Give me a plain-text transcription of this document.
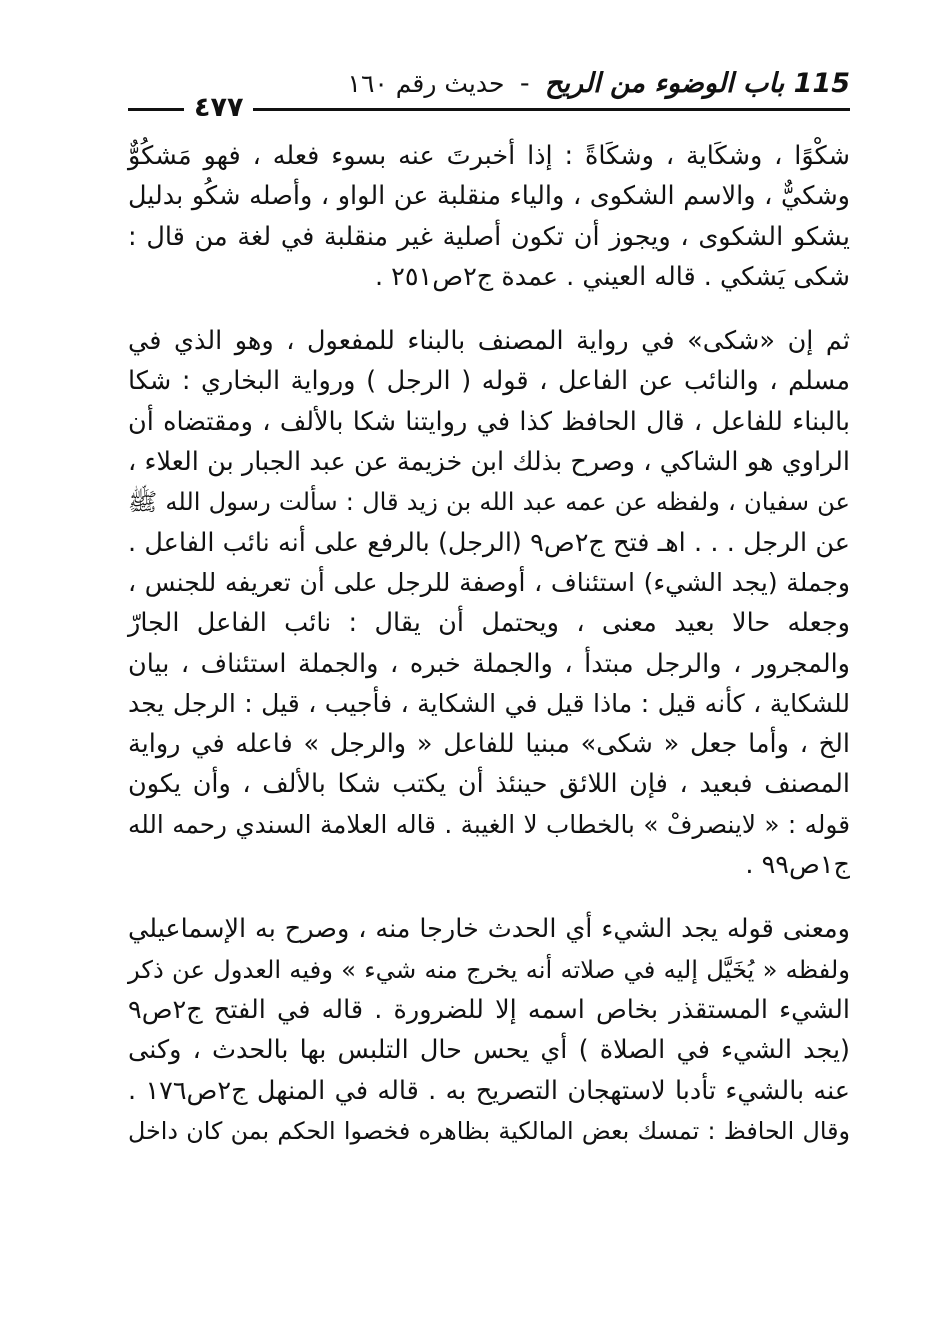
115 باب الوضوء من الريح - حديث رقم ١٦٠
٤٧٧
شكْوًا ، وشكَاية ، وشكَاةً : إذا أخبرتَ عنه بسوء فعله ، فهو مَشكُوٌّ
وشكيٌّ ، والاسم الشكوى ، والياء منقلبة عن الواو ، وأصله شكُو بدليل
يشكو الشكوى ، ويجوز أن تكون أصلية غير منقلبة في لغة من قال :
شكى يَشكي . قاله العيني . عمدة ج٢ص٢٥١ .
ثم إن «شكى» في رواية المصنف بالبناء للمفعول ، وهو الذي في
مسلم ، والنائب عن الفاعل ، قوله ( الرجل ) ورواية البخاري : شكا
بالبناء للفاعل ، قال الحافظ كذا في روايتنا شكا بالألف ، ومقتضاه أن
الراوي هو الشاكي ، وصرح بذلك ابن خزيمة عن عبد الجبار بن العلاء ،
عن سفيان ، ولفظه عن عمه عبد الله بن زيد قال : سألت رسول الله ﷺ
عن الرجل . . . اهـ فتح ج٢ص٩ (الرجل) بالرفع على أنه نائب الفاعل .
وجملة (يجد الشيء) استئناف ، أوصفة للرجل على أن تعريفه للجنس ،
وجعله حالا بعيد معنى ، ويحتمل أن يقال : نائب الفاعل الجارّ
والمجرور ، والرجل مبتدأ ، والجملة خبره ، والجملة استئناف ، بيان
للشكاية ، كأنه قيل : ماذا قيل في الشكاية ، فأجيب ، قيل : الرجل يجد
الخ ، وأما جعل « شكى» مبنيا للفاعل « والرجل » فاعله في رواية
المصنف فبعيد ، فإن اللائق حينئذ أن يكتب شكا بالألف ، وأن يكون
قوله : « لاينصرفْ » بالخطاب لا الغيبة . قاله العلامة السندي رحمه الله
ج١ص٩٩ .
ومعنى قوله يجد الشيء أي الحدث خارجا منه ، وصرح به الإسماعيلي
ولفظه « يُخَيَّل إليه في صلاته أنه يخرج منه شيء » وفيه العدول عن ذكر
الشيء المستقذر بخاص اسمه إلا للضرورة . قاله في الفتح ج٢ص٩
(يجد الشيء في الصلاة ) أي يحس حال التلبس بها بالحدث ، وكنى
عنه بالشيء تأدبا لاستهجان التصريح به . قاله في المنهل ج٢ص١٧٦ .
وقال الحافظ : تمسك بعض المالكية بظاهره فخصوا الحكم بمن كان داخل
